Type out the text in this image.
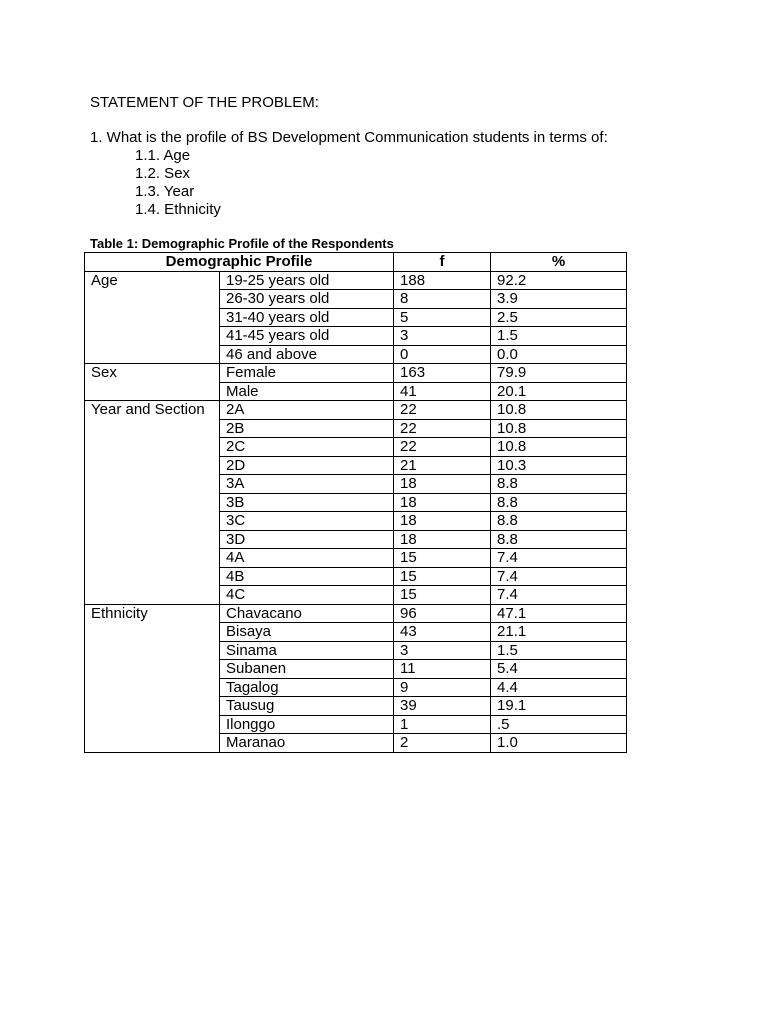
STATEMENT OF THE PROBLEM:

1. What is the profile of BS Development Communication students in terms of:

1.1. Age
1.2. Sex
1.3. Year
1.4. Ethnicity

Table 1: Demographic Profile of the Respondents

Demographic Profile		f	%
Age	19-25 years old	188	92.2
	26-30 years old	8	3.9
	31-40 years old	5	2.5
	41-45 years old	3	1.5
	46 and above	0	0.0
Sex	Female	163	79.9
	Male	41	20.1
Year and Section	2A	22	10.8
	2B	22	10.8
	2C	22	10.8
	2D	21	10.3
	3A	18	8.8
	3B	18	8.8
	3C	18	8.8
	3D	18	8.8
	4A	15	7.4
	4B	15	7.4
	4C	15	7.4
Ethnicity	Chavacano	96	47.1
	Bisaya	43	21.1
	Sinama	3	1.5
	Subanen	11	5.4
	Tagalog	9	4.4
	Tausug	39	19.1
	Ilonggo	1	.5
	Maranao	2	1.0
